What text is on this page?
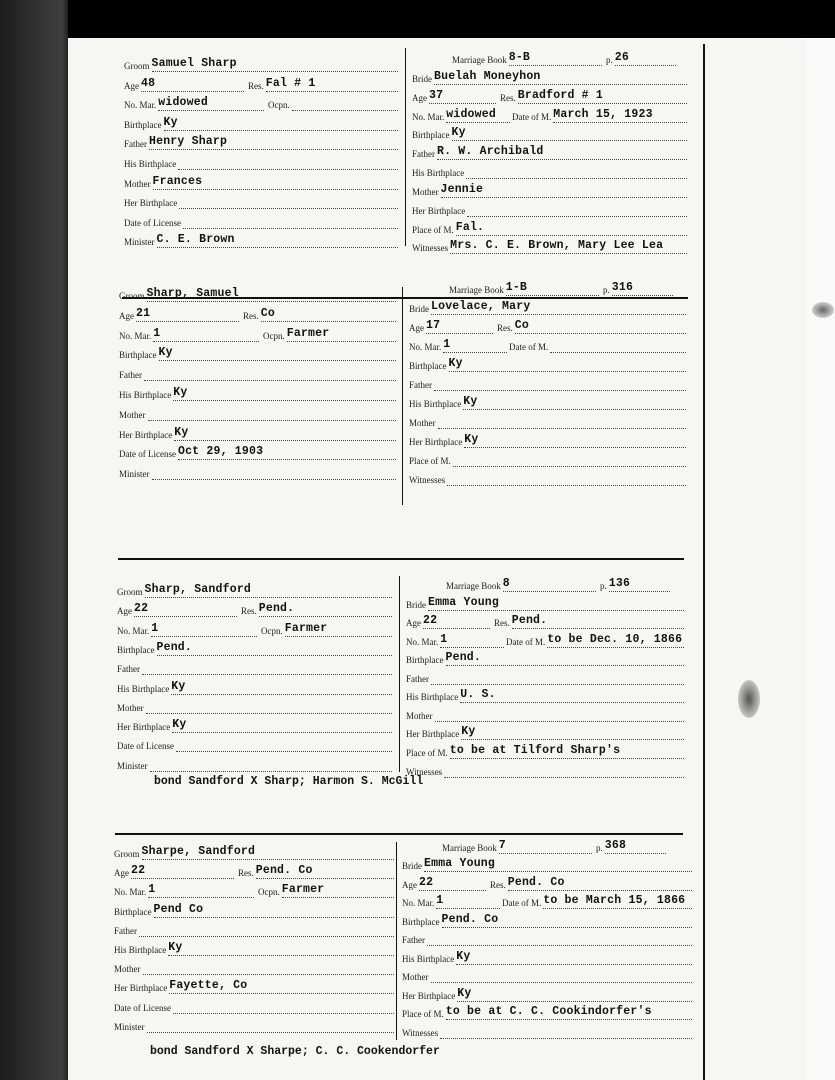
Groom Samuel Sharp
Age 48	Res. Fal # 1
No. Mar. widowed	Ocpn.
Birthplace Ky
Father Henry Sharp
His Birthplace
Mother Frances
Her Birthplace
Date of License
Minister C. E. Brown
Marriage Book 8-B	p. 26
Bride Buelah Moneyhon
Age 37	Res. Bradford # 1
No. Mar. widowed	Date of M. March 15, 1923
Birthplace Ky
Father R. W. Archibald
His Birthplace
Mother Jennie
Her Birthplace
Place of M. Fal.
Witnesses Mrs. C. E. Brown, Mary Lee Lea
Groom Sharp, Samuel
Age 21	Res. Co
No. Mar. 1	Ocpn. Farmer
Birthplace Ky
Father
His Birthplace Ky
Mother
Her Birthplace Ky
Date of License Oct 29, 1903
Minister
Marriage Book 1-B	p. 316
Bride Lovelace, Mary
Age 17	Res. Co
No. Mar. 1	Date of M.
Birthplace Ky
Father
His Birthplace Ky
Mother
Her Birthplace Ky
Place of M.
Witnesses
Groom Sharp, Sandford
Age 22	Res. Pend.
No. Mar. 1	Ocpn. Farmer
Birthplace Pend.
Father
His Birthplace Ky
Mother
Her Birthplace Ky
Date of License
Minister
Marriage Book 8	p. 136
Bride Emma Young
Age 22	Res. Pend.
No. Mar. 1	Date of M. to be Dec. 10, 1866
Birthplace Pend.
Father
His Birthplace U. S.
Mother
Her Birthplace Ky
Place of M. to be at Tilford Sharp's
Witnesses
bond Sandford X Sharp; Harmon S. McGill
Groom Sharpe, Sandford
Age 22	Res. Pend. Co
No. Mar. 1	Ocpn. Farmer
Birthplace Pend Co
Father
His Birthplace Ky
Mother
Her Birthplace Fayette, Co
Date of License
Minister
Marriage Book 7	p. 368
Bride Emma Young
Age 22	Res. Pend. Co
No. Mar. 1	Date of M. to be March 15, 1866
Birthplace Pend. Co
Father
His Birthplace Ky
Mother
Her Birthplace Ky
Place of M. to be at C. C. Cookindorfer's
Witnesses
bond Sandford X Sharpe; C. C. Cookendorfer
